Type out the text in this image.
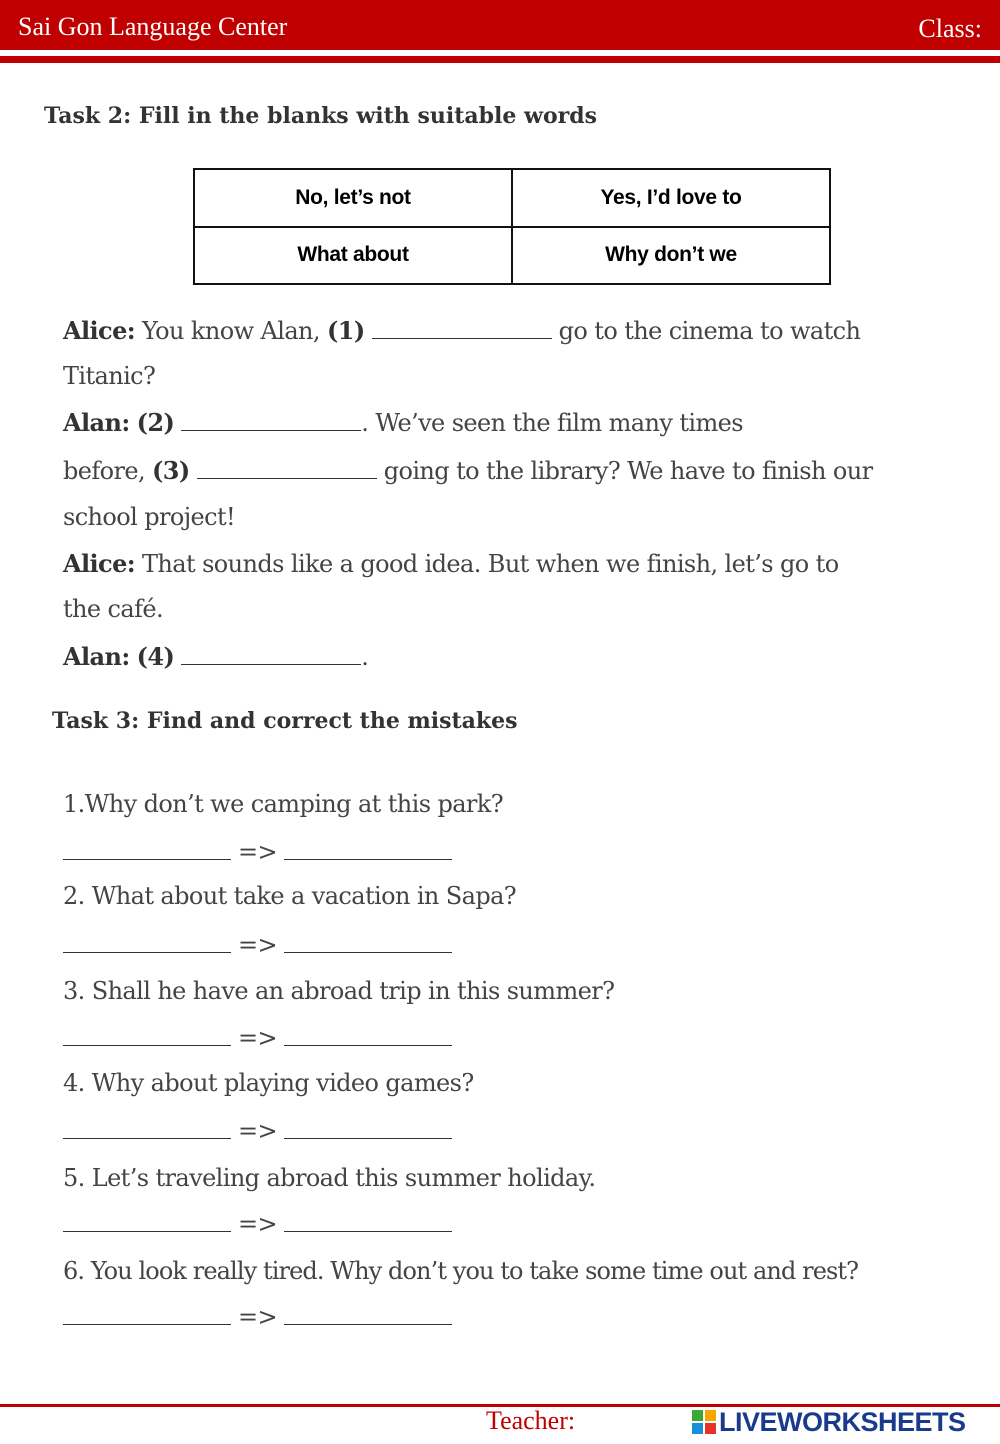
Sai Gon Language Center	Class:
Task 2: Fill in the blanks with suitable words
No, let’s not	Yes, I’d love to
What about	Why don’t we
Alice: You know Alan, (1)	go to the cinema to watch
Titanic?
Alan: (2)	. We’ve seen the film many times
before, (3)	going to the library? We have to finish our
school project!
Alice: That sounds like a good idea. But when we finish, let’s go to
the café.
Alan: (4)	.
Task 3: Find and correct the mistakes
1.Why don’t we camping at this park?
=>
2. What about take a vacation in Sapa?
=>
3. Shall he have an abroad trip in this summer?
=>
4. Why about playing video games?
=>
5. Let’s traveling abroad this summer holiday.
=>
6. You look really tired. Why don’t you to take some time out and rest?
=>
Teacher:	LIVEWORKSHEETS
